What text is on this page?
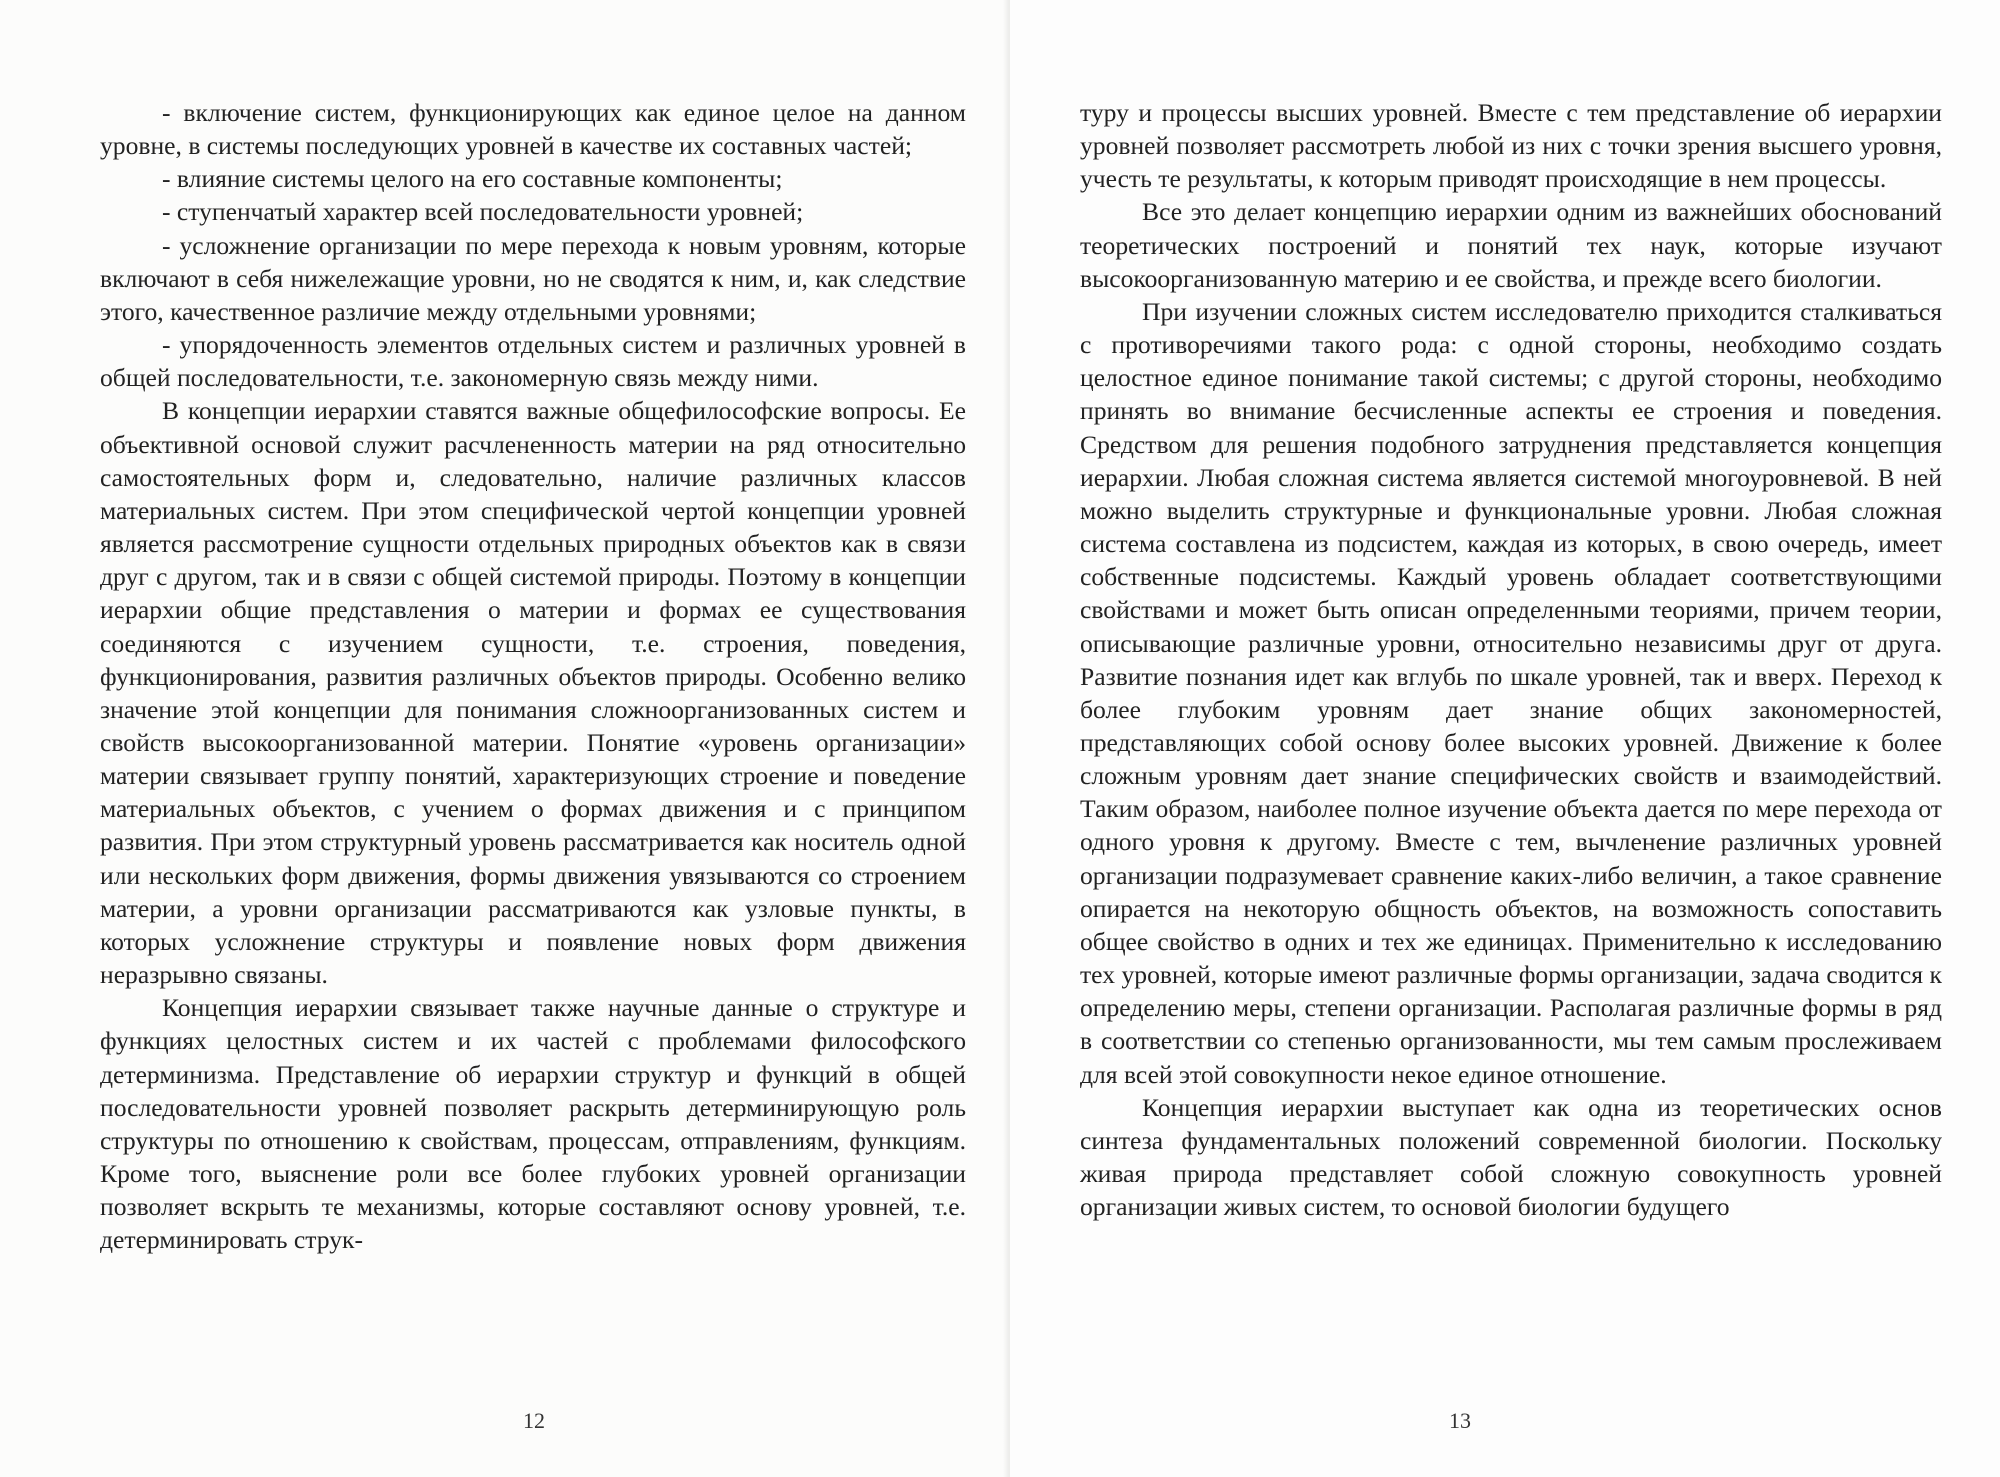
- включение систем, функционирующих как единое целое на данном уровне, в системы последующих уровней в качестве их составных частей;

- влияние системы целого на его составные компоненты;

- ступенчатый характер всей последовательности уровней;

- усложнение организации по мере перехода к новым уровням, которые включают в себя нижележащие уровни, но не сводятся к ним, и, как следствие этого, качественное различие между отдельными уровнями;

- упорядоченность элементов отдельных систем и различных уровней в общей последовательности, т.е. закономерную связь между ними.

В концепции иерархии ставятся важные общефилософские вопросы. Ее объективной основой служит расчлененность материи на ряд относительно самостоятельных форм и, следовательно, наличие различных классов материальных систем. При этом специфической чертой концепции уровней является рассмотрение сущности отдельных природных объектов как в связи друг с другом, так и в связи с общей системой природы. Поэтому в концепции иерархии общие представления о материи и формах ее существования соединяются с изучением сущности, т.е. строения, поведения, функционирования, развития различных объектов природы. Особенно велико значение этой концепции для понимания сложноорганизованных систем и свойств высокоорганизованной материи. Понятие «уровень организации» материи связывает группу понятий, характеризующих строение и поведение материальных объектов, с учением о формах движения и с принципом развития. При этом структурный уровень рассматривается как носитель одной или нескольких форм движения, формы движения увязываются со строением материи, а уровни организации рассматриваются как узловые пункты, в которых усложнение структуры и появление новых форм движения неразрывно связаны.

Концепция иерархии связывает также научные данные о структуре и функциях целостных систем и их частей с проблемами философского детерминизма. Представление об иерархии структур и функций в общей последовательности уровней позволяет раскрыть детерминирующую роль структуры по отношению к свойствам, процессам, отправлениям, функциям. Кроме того, выяснение роли все более глубоких уровней организации позволяет вскрыть те механизмы, которые составляют основу уровней, т.е. детерминировать струк-

12

туру и процессы высших уровней. Вместе с тем представление об иерархии уровней позволяет рассмотреть любой из них с точки зрения высшего уровня, учесть те результаты, к которым приводят происходящие в нем процессы.

Все это делает концепцию иерархии одним из важнейших обоснований теоретических построений и понятий тех наук, которые изучают высокоорганизованную материю и ее свойства, и прежде всего биологии.

При изучении сложных систем исследователю приходится сталкиваться с противоречиями такого рода: с одной стороны, необходимо создать целостное единое понимание такой системы; с другой стороны, необходимо принять во внимание бесчисленные аспекты ее строения и поведения. Средством для решения подобного затруднения представляется концепция иерархии. Любая сложная система является системой многоуровневой. В ней можно выделить структурные и функциональные уровни. Любая сложная система составлена из подсистем, каждая из которых, в свою очередь, имеет собственные подсистемы. Каждый уровень обладает соответствующими свойствами и может быть описан определенными теориями, причем теории, описывающие различные уровни, относительно независимы друг от друга. Развитие познания идет как вглубь по шкале уровней, так и вверх. Переход к более глубоким уровням дает знание общих закономерностей, представляющих собой основу более высоких уровней. Движение к более сложным уровням дает знание специфических свойств и взаимодействий. Таким образом, наиболее полное изучение объекта дается по мере перехода от одного уровня к другому. Вместе с тем, вычленение различных уровней организации подразумевает сравнение каких-либо величин, а такое сравнение опирается на некоторую общность объектов, на возможность сопоставить общее свойство в одних и тех же единицах. Применительно к исследованию тех уровней, которые имеют различные формы организации, задача сводится к определению меры, степени организации. Располагая различные формы в ряд в соответствии со степенью организованности, мы тем самым прослеживаем для всей этой совокупности некое единое отношение.

Концепция иерархии выступает как одна из теоретических основ синтеза фундаментальных положений современной биологии. Поскольку живая природа представляет собой сложную совокупность уровней организации живых систем, то основой биологии будущего

13
